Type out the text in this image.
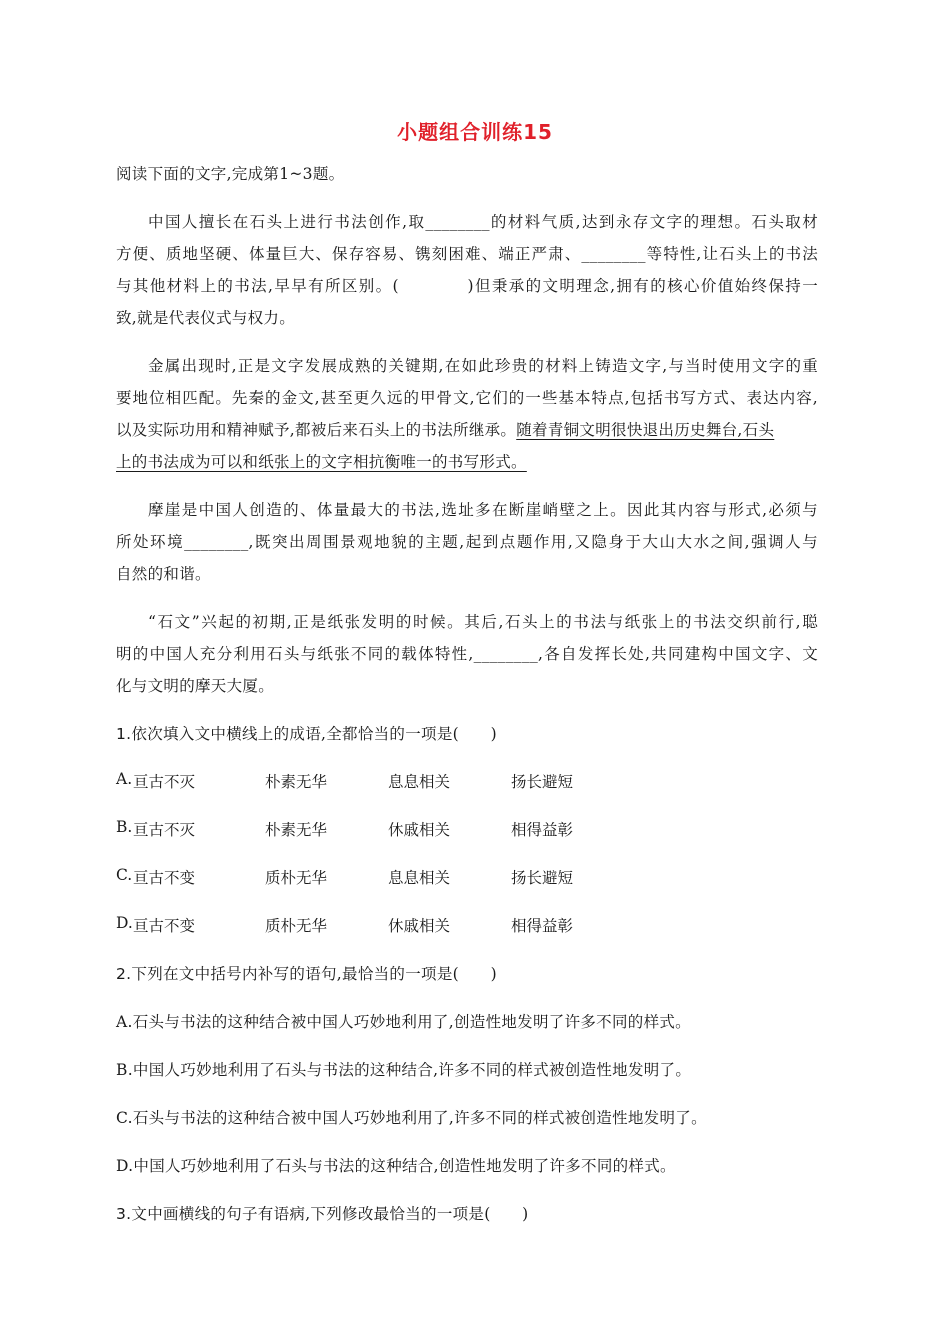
小题组合训练15
阅读下面的文字,完成第1~3题。
中国人擅长在石头上进行书法创作,取________的材料气质,达到永存文字的理想。石头取材
方便、质地坚硬、体量巨大、保存容易、镌刻困难、端正严肃、________等特性,让石头上的书法
与其他材料上的书法,早早有所区别。(　　　　)但秉承的文明理念,拥有的核心价值始终保持一
致,就是代表仪式与权力。
金属出现时,正是文字发展成熟的关键期,在如此珍贵的材料上铸造文字,与当时使用文字的重
要地位相匹配。先秦的金文,甚至更久远的甲骨文,它们的一些基本特点,包括书写方式、表达内容,
以及实际功用和精神赋予,都被后来石头上的书法所继承。随着青铜文明很快退出历史舞台,石头
上的书法成为可以和纸张上的文字相抗衡唯一的书写形式。
摩崖是中国人创造的、体量最大的书法,选址多在断崖峭壁之上。因此其内容与形式,必须与
所处环境________,既突出周围景观地貌的主题,起到点题作用,又隐身于大山大水之间,强调人与
自然的和谐。
“石文”兴起的初期,正是纸张发明的时候。其后,石头上的书法与纸张上的书法交织前行,聪
明的中国人充分利用石头与纸张不同的载体特性,________,各自发挥长处,共同建构中国文字、文
化与文明的摩天大厦。
1.依次填入文中横线上的成语,全都恰当的一项是(　　)
A. 亘古不灭	朴素无华	息息相关	扬长避短
B. 亘古不灭	朴素无华	休戚相关	相得益彰
C. 亘古不变	质朴无华	息息相关	扬长避短
D. 亘古不变	质朴无华	休戚相关	相得益彰
2.下列在文中括号内补写的语句,最恰当的一项是(　　)
A.石头与书法的这种结合被中国人巧妙地利用了,创造性地发明了许多不同的样式。
B.中国人巧妙地利用了石头与书法的这种结合,许多不同的样式被创造性地发明了。
C.石头与书法的这种结合被中国人巧妙地利用了,许多不同的样式被创造性地发明了。
D.中国人巧妙地利用了石头与书法的这种结合,创造性地发明了许多不同的样式。
3.文中画横线的句子有语病,下列修改最恰当的一项是(　　)
